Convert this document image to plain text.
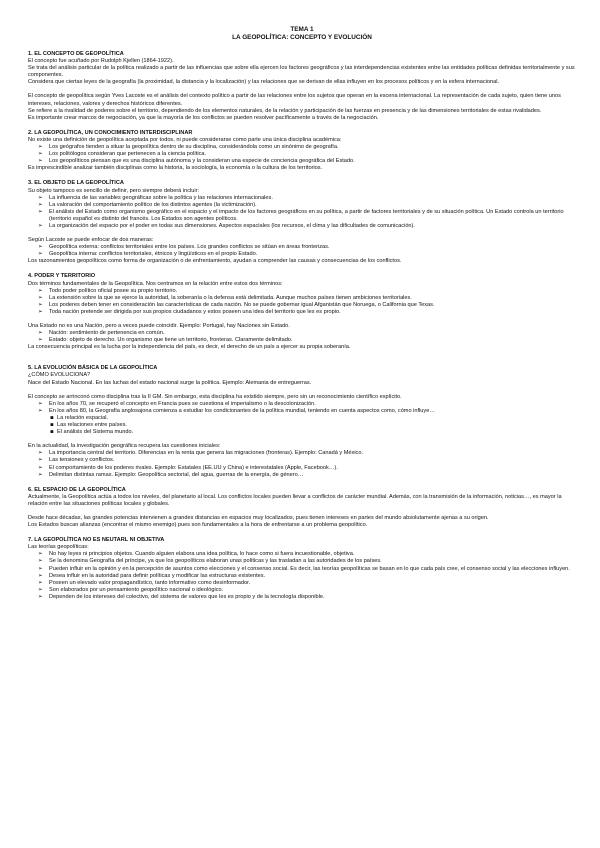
TEMA 1

LA GEOPOLÍTICA: CONCEPTO Y EVOLUCIÓN

1. EL CONCEPTO DE GEOPOLÍTICA

El concepto fue acuñado por Rudolph Kjellen (1864-1922).

Se trata del análisis particular de la política realizado a partir de las influencias que sobre ella ejercen los factores geográficos y las interdependencias existentes entre las entidades políticas definidas territorialmente y sus componentes.

Considera que ciertas leyes de la geografía (la proximidad, la distancia y la localización) y las relaciones que se derivan de ellas influyen en los procesos políticos y en la esfera internacional.

El concepto de geopolítica según Yves Lacoste es el análisis del contexto político a partir de las relaciones entre los sujetos que operan en la escena internacional. La representación de cada sujeto, quien tiene unos intereses, relaciones, valores y derechos históricos diferentes.

Se refiere a la rivalidad de poderes sobre el territorio, dependiendo de los elementos naturales, de la relación y participación de las fuerzas en presencia y de las dimensiones territoriales de estas rivalidades.

Es importante crear marcos de negociación, ya que la mayoría de los conflictos se pueden resolver pacíficamente a través de la negociación.

2. LA GEOPOLÍTICA, UN CONOCIMIENTO INTERDISCIPLINAR

No existe una definición de geopolítica aceptada por todos, ni puede considerarse como parte una única disciplina académica:

➢ Los geógrafos tienden a situar la geopolítica dentro de su disciplina, considerándola como un sinónimo de geografía.
➢ Los politólogos consideran que pertenecen a la ciencia política.
➢ Los geopolíticos piensan que es una disciplina autónoma y la consideran una especie de conciencia geográfica del Estado.

Es imprescindible analizar también disciplinas como la historia, la sociología, la economía o la cultura de los territorios.

3. EL OBJETO DE LA GEOPOLÍTICA

Su objeto tampoco es sencillo de definir, pero siempre deberá incluir:

➢ La influencia de las variables geográficas sobre la política y las relaciones internacionales.
➢ La valoración del comportamiento político de los distintos agentes (la victimización).
➢ El análisis del Estado como organismo geográfico en el espacio y el impacto de los factores geográficos en su política, a partir de factores territoriales y de su situación política. Un Estado controla un territorio (territorio español es distinto del francés. Los Estados son agentes políticos.
➢ La organización del espacio por el poder en todas sus dimensiones. Aspectos espaciales (los recursos, el clima y las dificultades de comunicación).

Según Lacoste se puede enfocar de dos maneras:

➢ Geopolítica externa: conflictos territoriales entre los países. Los grandes conflictos se sitúan en áreas fronterizas.
➢ Geopolítica interna: conflictos territoriales, étnicos y lingüísticos en el propio Estado.

Los razonamientos geopolíticos como forma de organización o de enfrentamiento, ayudan a comprender las causas y consecuencias de los conflictos.

4. PODER Y TERRITORIO

Dos términos fundamentales de la Geopolítica. Nos centramos en la relación entre estos dos términos:

➢ Todo poder político oficial posee su propio territorio.
➢ La extensión sobre la que se ejerce la autoridad, la soberanía o la defensa está delimitada. Aunque muchos países tienen ambiciones territoriales.
➢ Los poderes deben tener en consideración las características de cada nación. No se puede gobernar igual Afganistán que Noruega, o California que Texas.
➢ Toda nación pretende ser dirigida por sus propios ciudadanos y estos poseen una idea del territorio que les es propio.

Una Estado no es una Nación, pero a veces puede coincidir. Ejemplo: Portugal, hay Naciones sin Estado.

➢ Nación: sentimiento de pertenencia en común.
➢ Estado: objeto de derecho. Un organismo que tiene un territorio, fronteras. Claramente delimitado.

La consecuencia principal es la lucha por la independencia del país, es decir, el derecho de un país a ejercer su propia soberanía.

5. LA EVOLUCIÓN BÁSICA DE LA GEOPOLÍTICA

¿CÓMO EVOLUCIONA?

Nace del Estado Nacional. En las luchas del estado nacional surge la política. Ejemplo: Alemania de entreguerras.

El concepto se arrinconó como disciplina tras la II GM. Sin embargo, esta disciplina ha existido siempre, pero sin un reconocimiento científico explícito.

➢ En los años 70, se recuperó el concepto en Francia pues se cuestiona el imperialismo o la descolonización.
➢ En los años 80, la Geografía anglosajona comienza a estudiar los condicionantes de la política mundial, teniendo en cuenta aspectos como, cómo influye…
▪ La relación espacial.
▪ Las relaciones entre países.
▪ El análisis del Sistema mundo.

En la actualidad, la investigación geográfica recupera las cuestiones iniciales:

➢ La importancia central del territorio. Diferencias en la renta que genera las migraciones (fronteras). Ejemplo: Canadá y México.
➢ Las tensiones y conflictos.
➢ El comportamiento de los poderes rivales. Ejemplo: Estatales (EE.UU y China) e interestatales (Apple, Facebook…).
➢ Delimitan distintas ramas. Ejemplo: Geopolítica sectorial, del agua, guerras de la energía, de género…

6. EL ESPACIO DE LA GEOPOLÍTICA

Actualmente, la Geopolítica actúa a todos los niveles, del planetario al local. Los conflictos locales pueden llevar a conflictos de carácter mundial. Además, con la transmisión de la información, noticias…, es mayor la relación entre las situaciones políticas locales y globales.

Desde hace décadas, las grandes potencias intervienen a grandes distancias en espacios muy localizados, pues tienen intereses en partes del mundo absolutamente ajenas a su origen.

Los Estados buscan alianzas (encontrar el mismo enemigo) pues son fundamentales a la hora de enfrentarse a un problema geopolítico.

7. LA GEOPOLÍTICA NO ES NEUTARL NI OBJETIVA

Las teorías geopolíticas:

➢ No hay leyes ni principios objetos. Cuando alguien elabora una idea política, lo hace como si fuera incuestionable, objetiva.
➢ Se la denomina Geografía del príncipe, ya que los geopolíticos elaboran unas políticas y las trasladan a las autoridades de los países.
➢ Pueden influir en la opinión y en la percepción de asuntos como elecciones y el consenso social. Es decir, las teorías geopolíticas se basan en lo que cada país cree, el consenso social y las elecciones influyen.
➢ Desea influir en la autoridad para definir políticas y modificar las estructuras existentes.
➢ Poseen un elevado valor propagandístico, tanto informativo como desinformador.
➢ Son elaborados por un pensamiento geopolítico nacional o ideológico.
➢ Dependen de los intereses del colectivo, del sistema de valores que les es propio y de la tecnología disponible.
